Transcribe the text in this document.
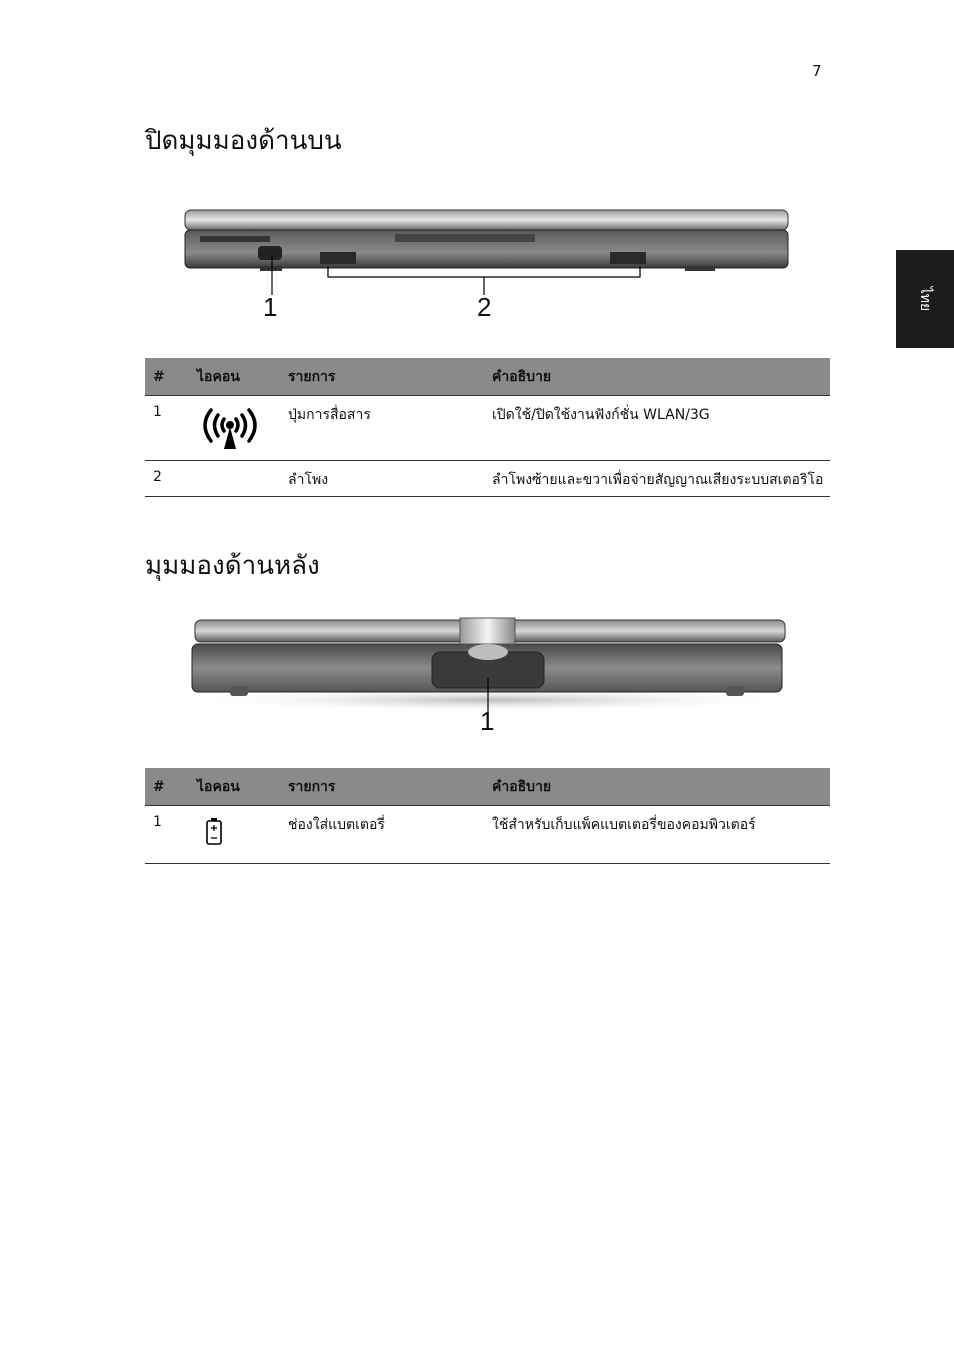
7
ไทย
ปิดมุมมองด้านบน
1	2
#	ไอคอน	รายการ	คำอธิบาย
1		ปุ่มการสื่อสาร	เปิดใช้/ปิดใช้งานฟังก์ชั่น WLAN/3G
2		ลำโพง	ลำโพงซ้ายและขวาเพื่อจ่ายสัญญาณเสียงระบบสเตอริโอ
มุมมองด้านหลัง
1
#	ไอคอน	รายการ	คำอธิบาย
1		ช่องใส่แบตเตอรี่	ใช้สำหรับเก็บแพ็คแบตเตอรี่ของคอมพิวเตอร์
